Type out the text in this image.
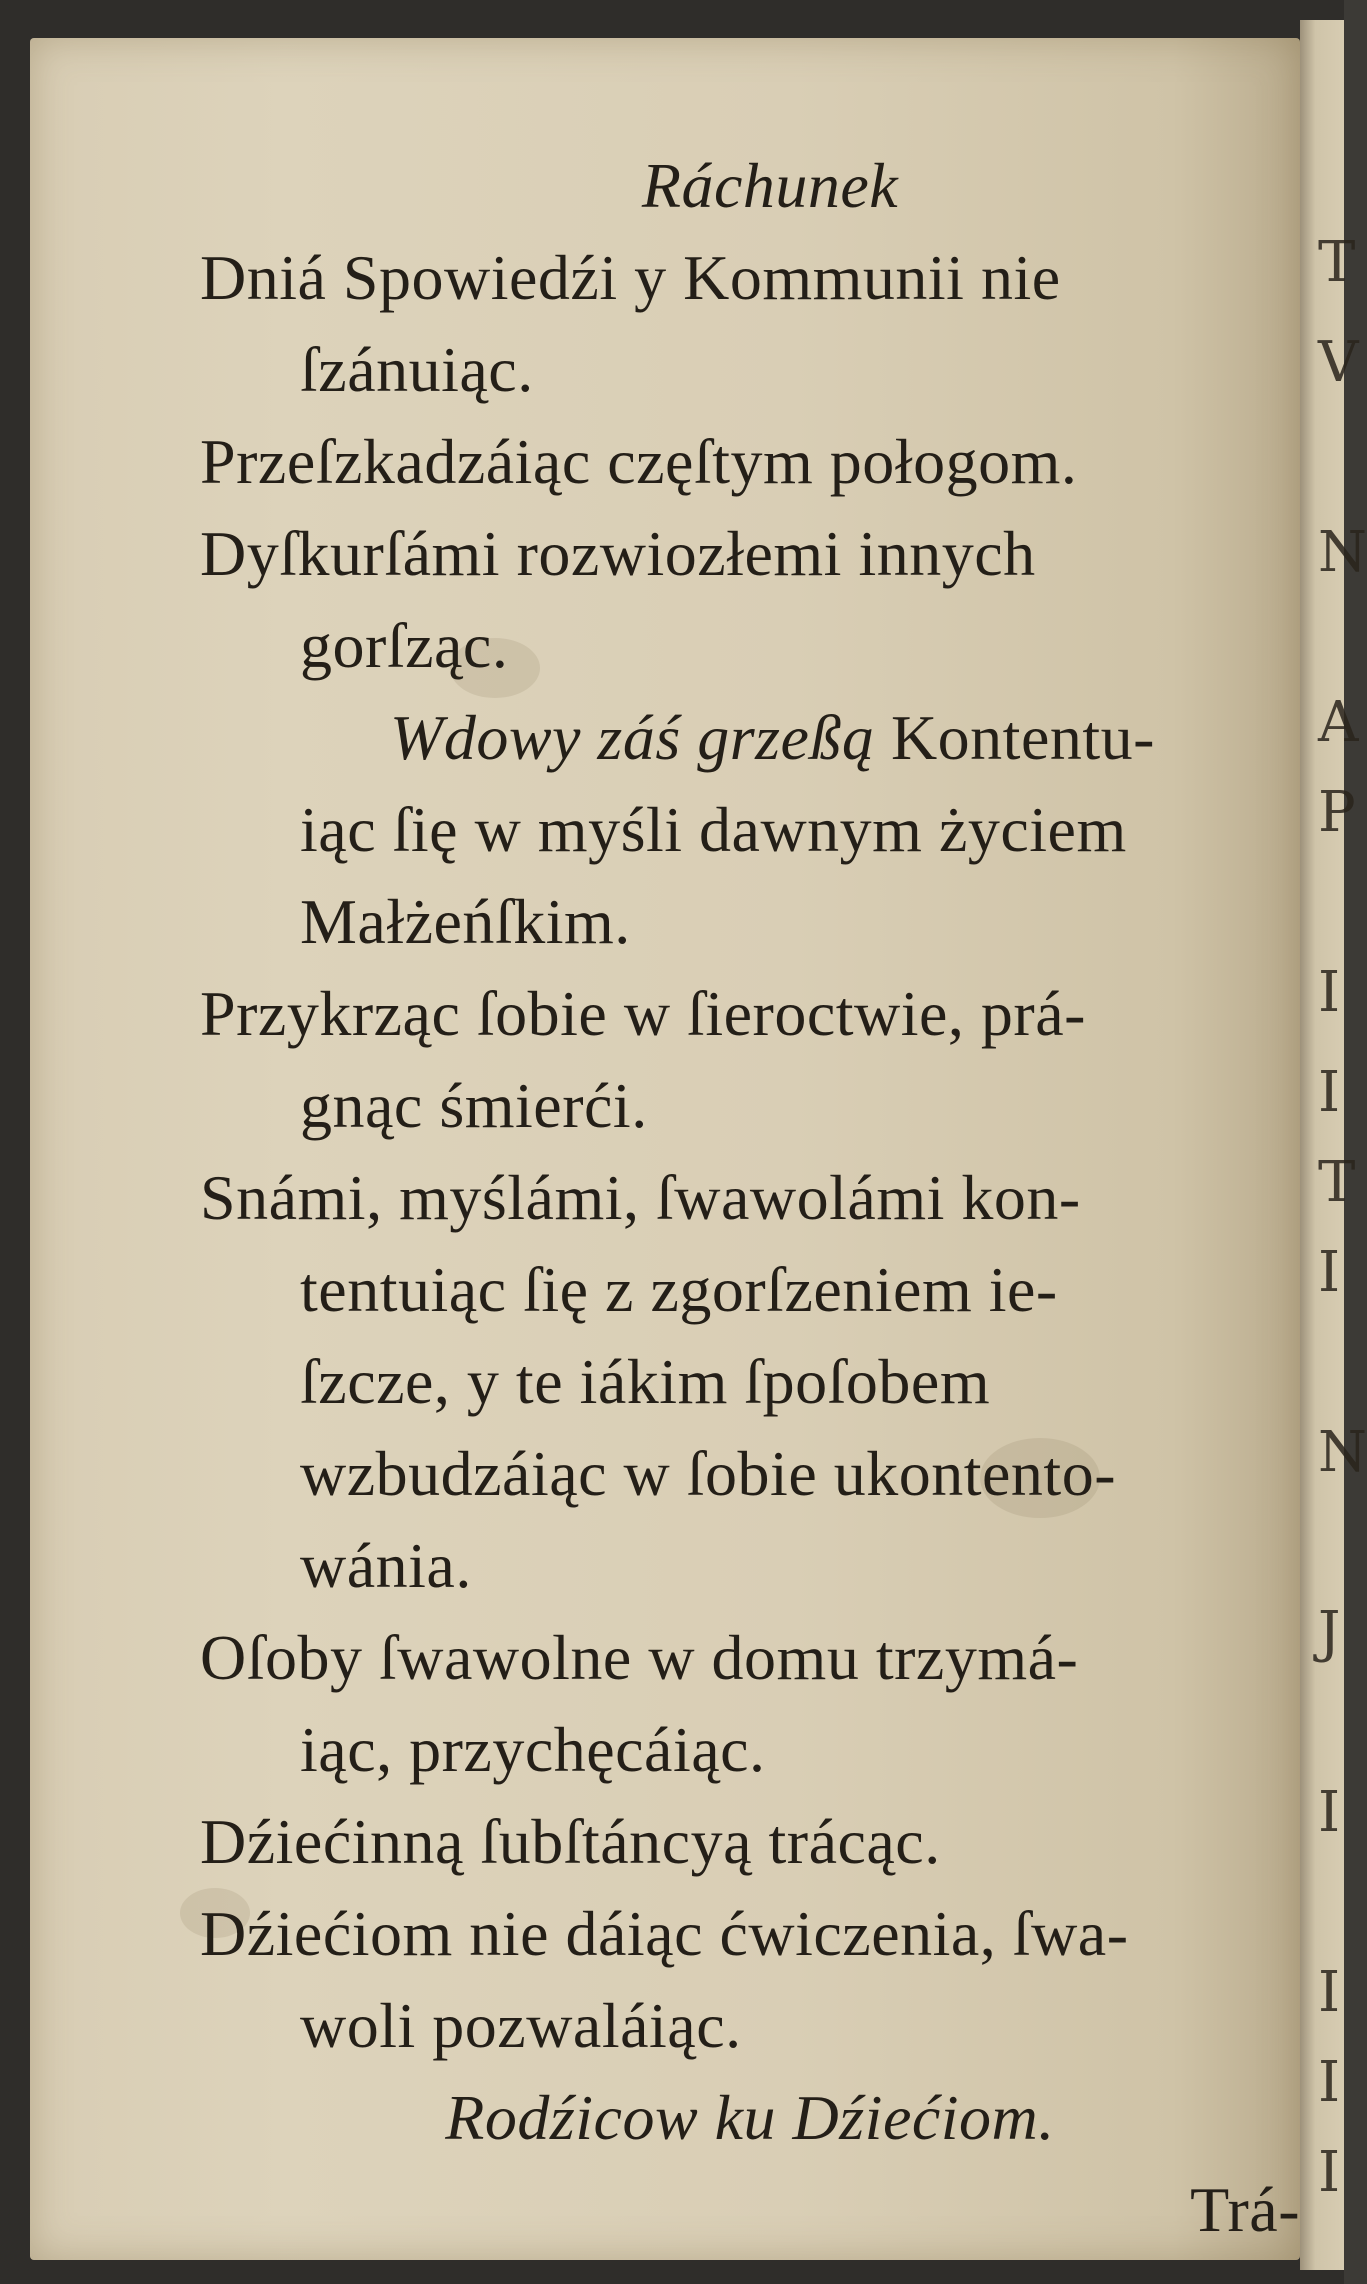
T
V
N
A
P
I
I
T
I
N
J
I
I
I
I
Ráchunek
Dniá Spowiedźi y Kommunii nie
ſzánuiąc.
Przeſzkadzáiąc częſtym połogom.
Dyſkurſámi rozwiozłemi innych
gorſząc.
Wdowy záś grzeßą Kontentu-
iąc ſię w myśli dawnym życiem
Małżeńſkim.
Przykrząc ſobie w ſieroctwie, prá-
gnąc śmierći.
Snámi, myślámi, ſwawolámi kon-
tentuiąc ſię z zgorſzeniem ie-
ſzcze, y te iákim ſpoſobem
wzbudzáiąc w ſobie ukontento-
wánia.
Oſoby ſwawolne w domu trzymá-
iąc, przychęcáiąc.
Dźiećinną ſubſtáncyą trácąc.
Dźiećiom nie dáiąc ćwiczenia, ſwa-
woli pozwaláiąc.
Rodźicow ku Dźiećiom.
Trá-
